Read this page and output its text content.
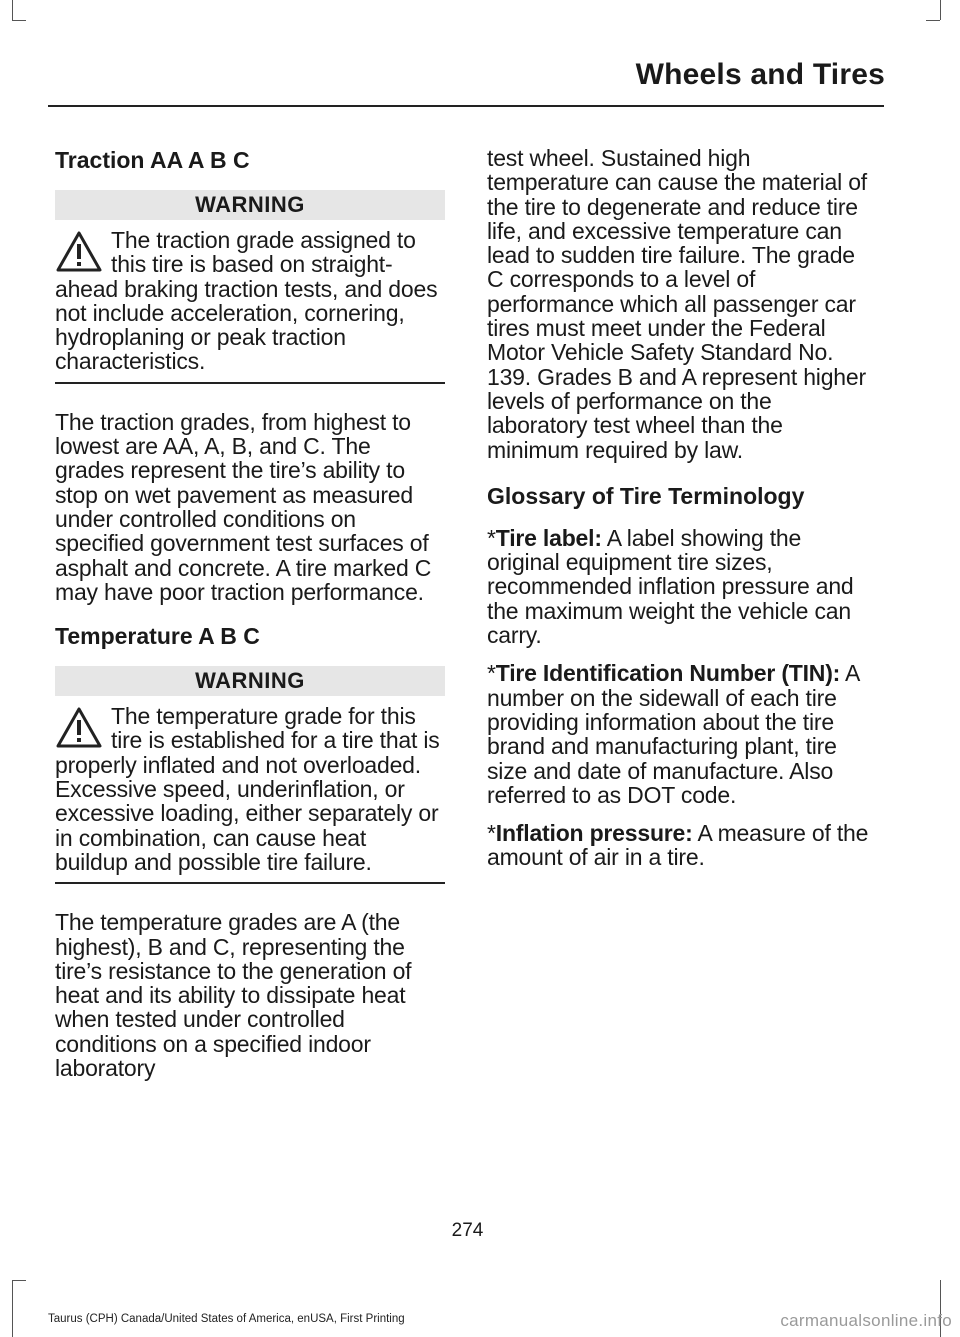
Wheels and Tires
Traction AA A B C
WARNING
The traction grade assigned to this tire is based on straight-ahead braking traction tests, and does not include acceleration, cornering, hydroplaning or peak traction characteristics.

The traction grades, from highest to lowest are AA, A, B, and C. The grades represent the tire’s ability to stop on wet pavement as measured under controlled conditions on specified government test surfaces of asphalt and concrete. A tire marked C may have poor traction performance.

Temperature A B C
WARNING
The temperature grade for this tire is established for a tire that is properly inflated and not overloaded. Excessive speed, underinflation, or excessive loading, either separately or in combination, can cause heat buildup and possible tire failure.

The temperature grades are A (the highest), B and C, representing the tire’s resistance to the generation of heat and its ability to dissipate heat when tested under controlled conditions on a specified indoor laboratory

test wheel. Sustained high temperature can cause the material of the tire to degenerate and reduce tire life, and excessive temperature can lead to sudden tire failure. The grade C corresponds to a level of performance which all passenger car tires must meet under the Federal Motor Vehicle Safety Standard No. 139. Grades B and A represent higher levels of performance on the laboratory test wheel than the minimum required by law.

Glossary of Tire Terminology

*Tire label: A label showing the original equipment tire sizes, recommended inflation pressure and the maximum weight the vehicle can carry.

*Tire Identification Number (TIN): A number on the sidewall of each tire providing information about the tire brand and manufacturing plant, tire size and date of manufacture. Also referred to as DOT code.

*Inflation pressure: A measure of the amount of air in a tire.

274
Taurus (CPH) Canada/United States of America, enUSA, First Printing	carmanualsonline.info
